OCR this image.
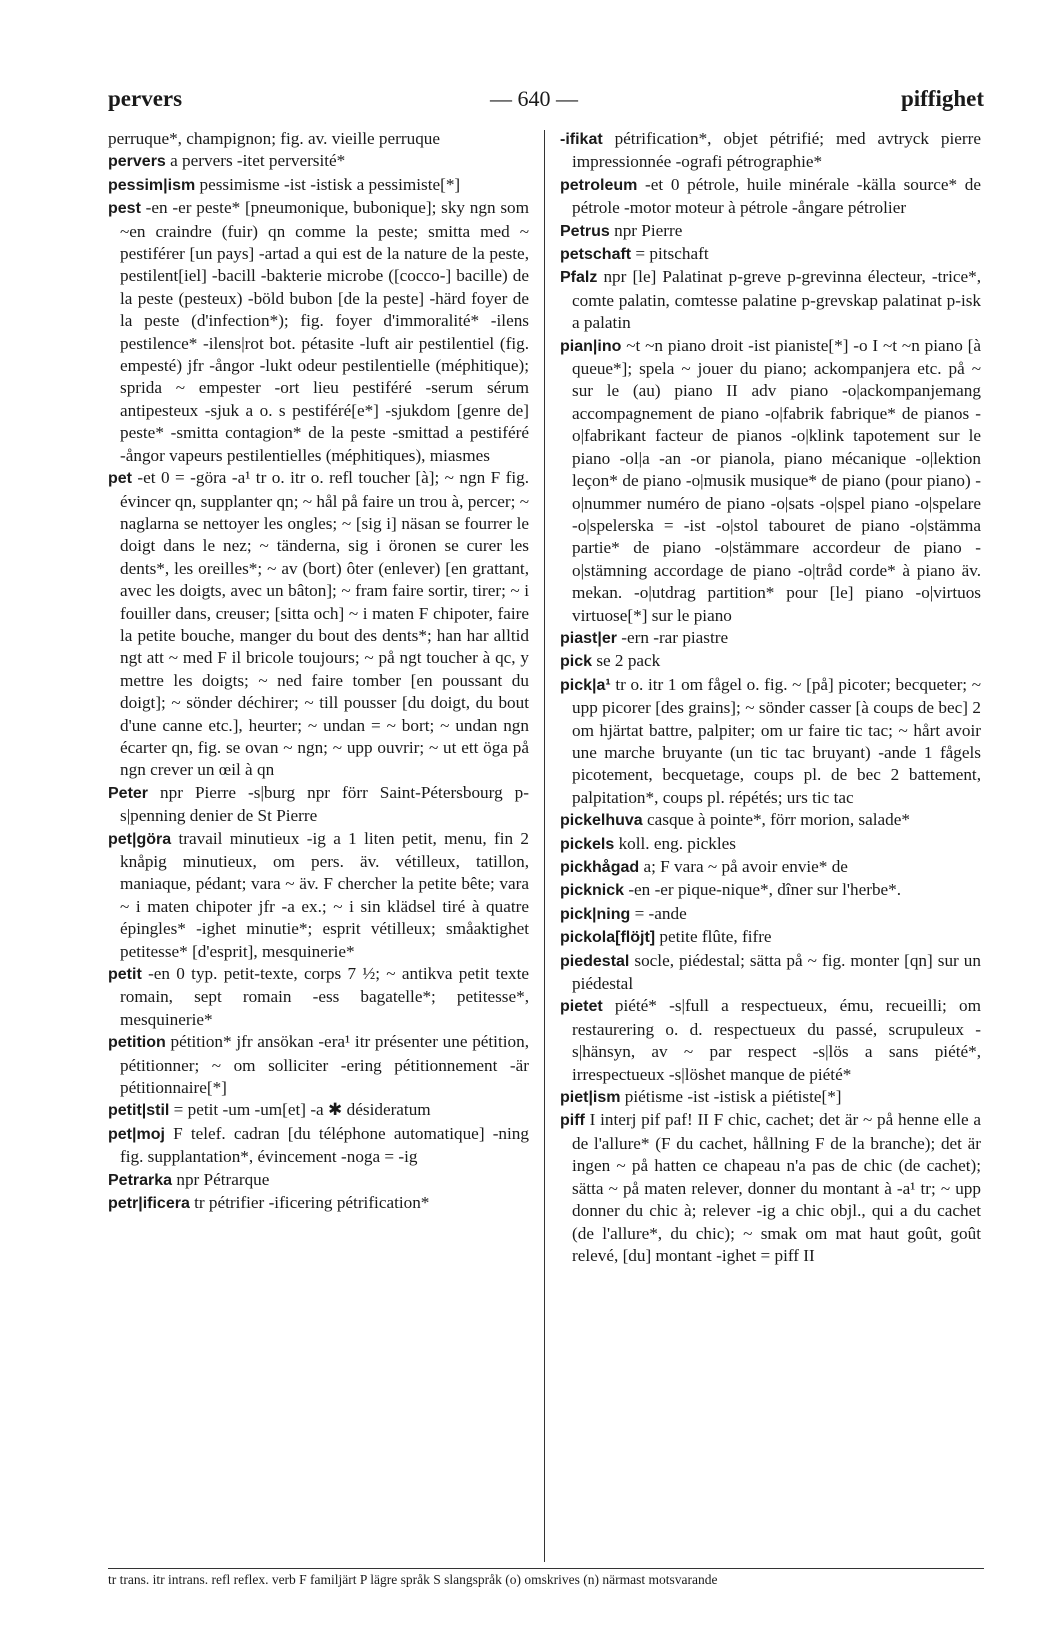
pervers	— 640 —	piffighet
perruque*, champignon; fig. av. vieille perruque
pervers a pervers -itet perversité*
pessim|ism pessimisme -ist -istisk a pessimiste[*]
pest -en -er peste* [pneumonique, bubonique]; sky ngn som ~en craindre (fuir) qn comme la peste; smitta med ~ pestiférer [un pays] -artad a qui est de la nature de la peste, pestilent[iel] -bacill -bakterie microbe ([cocco-] bacille) de la peste (pesteux) -böld bubon [de la peste] -härd foyer de la peste (d'infection*); fig. foyer d'immoralité* -ilens pestilence* -ilens|rot bot. pétasite -luft air pestilentiel (fig. empesté) jfr -ångor -lukt odeur pestilentielle (méphitique); sprida ~ empester -ort lieu pestiféré -serum sérum antipesteux -sjuk a o. s pestiféré[e*] -sjukdom [genre de] peste* -smitta contagion* de la peste -smittad a pestiféré -ångor vapeurs pestilentielles (méphitiques), miasmes
pet -et 0 = -göra -a¹ tr o. itr o. refl toucher [à]; ~ ngn F fig. évincer qn, supplanter qn; ~ hål på faire un trou à, percer; ~ naglarna se nettoyer les ongles; ~ [sig i] näsan se fourrer le doigt dans le nez; ~ tänderna, sig i öronen se curer les dents*, les oreilles*; ~ av (bort) ôter (enlever) [en grattant, avec les doigts, avec un bâton]; ~ fram faire sortir, tirer; ~ i fouiller dans, creuser; [sitta och] ~ i maten F chipoter, faire la petite bouche, manger du bout des dents*; han har alltid ngt att ~ med F il bricole toujours; ~ på ngt toucher à qc, y mettre les doigts; ~ ned faire tomber [en poussant du doigt]; ~ sönder déchirer; ~ till pousser [du doigt, du bout d'une canne etc.], heurter; ~ undan = ~ bort; ~ undan ngn écarter qn, fig. se ovan ~ ngn; ~ upp ouvrir; ~ ut ett öga på ngn crever un œil à qn
Peter npr Pierre -s|burg npr förr Saint-Pétersbourg p-s|penning denier de St Pierre
pet|göra travail minutieux -ig a 1 liten petit, menu, fin 2 knåpig minutieux, om pers. äv. vétilleux, tatillon, maniaque, pédant; vara ~ äv. F chercher la petite bête; vara ~ i maten chipoter jfr -a ex.; ~ i sin klädsel tiré à quatre épingles* -ighet minutie*; esprit vétilleux; småaktighet petitesse* [d'esprit], mesquinerie*
petit -en 0 typ. petit-texte, corps 7 ½; ~ antikva petit texte romain, sept romain -ess bagatelle*; petitesse*, mesquinerie*
petition pétition* jfr ansökan -era¹ itr présenter une pétition, pétitionner; ~ om solliciter -ering pétitionnement -är pétitionnaire[*]
petit|stil = petit -um -um[et] -a ✱ désideratum
pet|moj F telef. cadran [du téléphone automatique] -ning fig. supplantation*, évincement -noga = -ig
Petrarka npr Pétrarque
petr|ificera tr pétrifier -ificering pétrification*
-ifikat pétrification*, objet pétrifié; med avtryck pierre impressionnée -ografi pétrographie*
petroleum -et 0 pétrole, huile minérale -källa source* de pétrole -motor moteur à pétrole -ångare pétrolier
Petrus npr Pierre
petschaft = pitschaft
Pfalz npr [le] Palatinat p-greve p-grevinna électeur, -trice*, comte palatin, comtesse palatine p-grevskap palatinat p-isk a palatin
pian|ino ~t ~n piano droit -ist pianiste[*] -o I ~t ~n piano [à queue*]; spela ~ jouer du piano; ackompanjera etc. på ~ sur le (au) piano II adv piano -o|ackompanjemang accompagnement de piano -o|fabrik fabrique* de pianos -o|fabrikant facteur de pianos -o|klink tapotement sur le piano -ol|a -an -or pianola, piano mécanique -o|lektion leçon* de piano -o|musik musique* de piano (pour piano) -o|nummer numéro de piano -o|sats -o|spel piano -o|spelare -o|spelerska = -ist -o|stol tabouret de piano -o|stämma partie* de piano -o|stämmare accordeur de piano -o|stämning accordage de piano -o|tråd corde* à piano äv. mekan. -o|utdrag partition* pour [le] piano -o|virtuos virtuose[*] sur le piano
piast|er -ern -rar piastre
pick se 2 pack
pick|a¹ tr o. itr 1 om fågel o. fig. ~ [på] picoter; becqueter; ~ upp picorer [des grains]; ~ sönder casser [à coups de bec] 2 om hjärtat battre, palpiter; om ur faire tic tac; ~ hårt avoir une marche bruyante (un tic tac bruyant) -ande 1 fågels picotement, becquetage, coups pl. de bec 2 battement, palpitation*, coups pl. répétés; urs tic tac
pickelhuva casque à pointe*, förr morion, salade*
pickels koll. eng. pickles
pickhågad a; F vara ~ på avoir envie* de
picknick -en -er pique-nique*, dîner sur l'herbe*.
pick|ning = -ande
pickola[flöjt] petite flûte, fifre
piedestal socle, piédestal; sätta på ~ fig. monter [qn] sur un piédestal
pietet piété* -s|full a respectueux, ému, recueilli; om restaurering o. d. respectueux du passé, scrupuleux -s|hänsyn, av ~ par respect -s|lös a sans piété*, irrespectueux -s|löshet manque de piété*
piet|ism piétisme -ist -istisk a piétiste[*]
piff I interj pif paf! II F chic, cachet; det är ~ på henne elle a de l'allure* (F du cachet, hållning F de la branche); det är ingen ~ på hatten ce chapeau n'a pas de chic (de cachet); sätta ~ på maten relever, donner du montant à -a¹ tr; ~ upp donner du chic à; relever -ig a chic objl., qui a du cachet (de l'allure*, du chic); ~ smak om mat haut goût, goût relevé, [du] montant -ighet = piff II
tr trans. itr intrans. refl reflex. verb F familjärt P lägre språk S slangspråk (o) omskrives (n) närmast motsvarande
